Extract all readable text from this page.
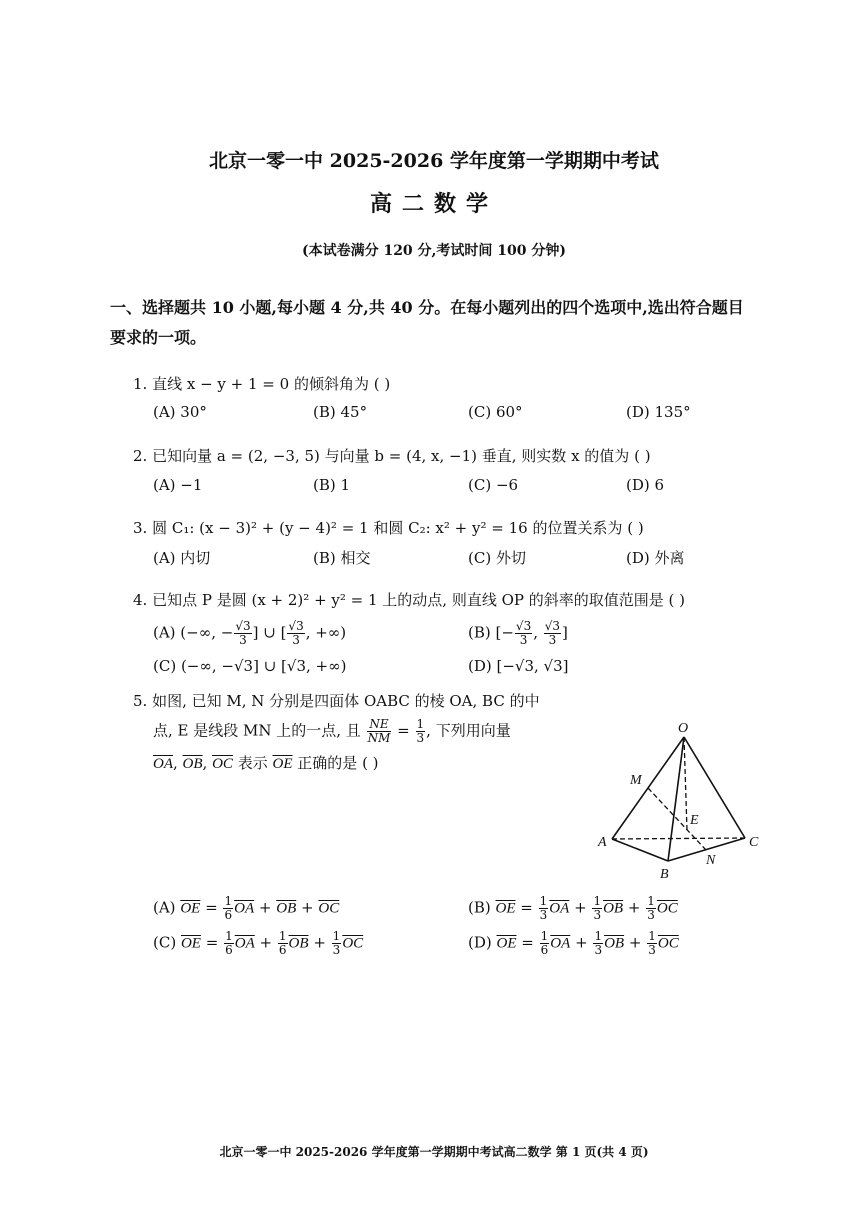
北京一零一中 2025-2026 学年度第一学期期中考试
高二数学
(本试卷满分 120 分,考试时间 100 分钟)
一、选择题共 10 小题,每小题 4 分,共 40 分。在每小题列出的四个选项中,选出符合题目
要求的一项。
1. 直线 x − y + 1 = 0 的倾斜角为 ( )
(A) 30°	(B) 45°	(C) 60°	(D) 135°
2. 已知向量 a = (2, −3, 5) 与向量 b = (4, x, −1) 垂直, 则实数 x 的值为 ( )
(A) −1	(B) 1	(C) −6	(D) 6
3. 圆 C₁: (x − 3)² + (y − 4)² = 1 和圆 C₂: x² + y² = 16 的位置关系为 ( )
(A) 内切	(B) 相交	(C) 外切	(D) 外离
4. 已知点 P 是圆 (x + 2)² + y² = 1 上的动点, 则直线 OP 的斜率的取值范围是 ( )
(A) (−∞, − $\frac{√3}{3}$ ] ∪ [ $\frac{√3}{3}$ , +∞)	(B) [− $\frac{√3}{3}$ , $\frac{√3}{3}$ ]
(C) (−∞, −√3] ∪ [√3, +∞)	(D) [−√3, √3]
5. 如图, 已知 M, N 分别是四面体 OABC 的棱 OA, BC 的中
点, E 是线段 MN 上的一点, 且 $\frac{NE}{NM} = \frac{1}{3}$ , 下列用向量
$\overline{OA}$, $\overline{OB}$, $\overline{OC}$ 表示 $\overline{OE}$ 正确的是 ( )
O
M
E
A
B
N
C
(A) $\overline{OE} = \frac{1}{6} \overline{OA} + \overline{OB} + \overline{OC}$	(B) $\overline{OE} = \frac{1}{3} \overline{OA} + \frac{1}{3} \overline{OB} + \frac{1}{3} \overline{OC}$
(C) $\overline{OE} = \frac{1}{6} \overline{OA} + \frac{1}{6} \overline{OB} + \frac{1}{3} \overline{OC}$	(D) $\overline{OE} = \frac{1}{6} \overline{OA} + \frac{1}{3} \overline{OB} + \frac{1}{3} \overline{OC}$
北京一零一中 2025-2026 学年度第一学期期中考试高二数学 第 1 页(共 4 页)
